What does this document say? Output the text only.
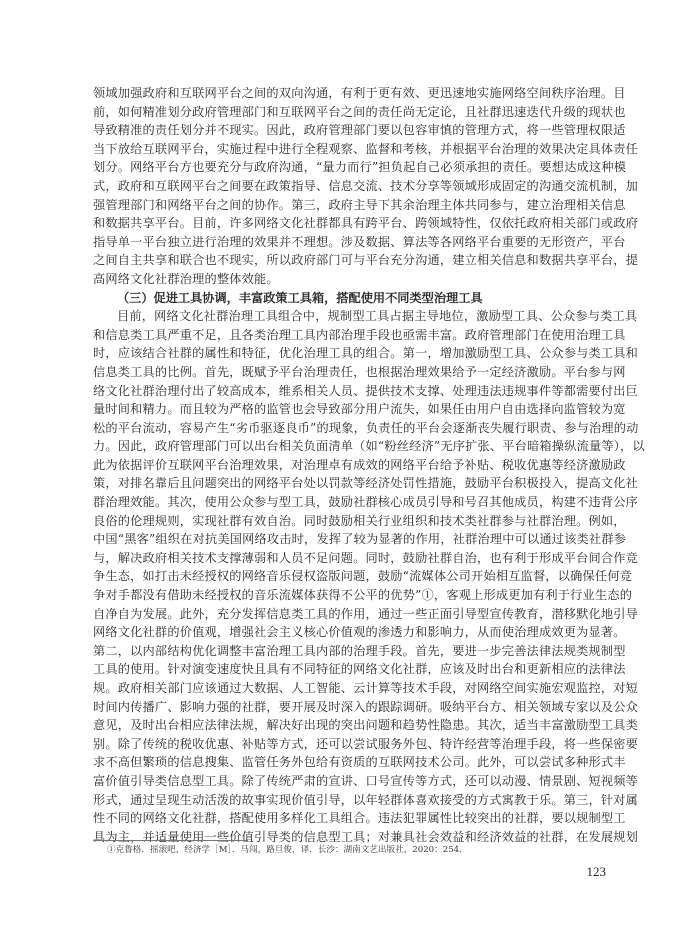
领域加强政府和互联网平台之间的双向沟通，有利于更有效、更迅速地实施网络空间秩序治理。目
前，如何精准划分政府管理部门和互联网平台之间的责任尚无定论，且社群迅速迭代升级的现状也
导致精准的责任划分并不现实。因此，政府管理部门要以包容审慎的管理方式，将一些管理权限适
当下放给互联网平台，实施过程中进行全程观察、监督和考核，并根据平台治理的效果决定具体责任
划分。网络平台方也要充分与政府沟通，“量力而行”担负起自己必须承担的责任。要想达成这种模
式，政府和互联网平台之间要在政策指导、信息交流、技术分享等领域形成固定的沟通交流机制，加
强管理部门和网络平台之间的协作。第三，政府主导下其余治理主体共同参与，建立治理相关信息
和数据共享平台。目前，许多网络文化社群都具有跨平台、跨领域特性，仅依托政府相关部门或政府
指导单一平台独立进行治理的效果并不理想。涉及数据、算法等各网络平台重要的无形资产，平台
之间自主共享和联合也不现实，所以政府部门可与平台充分沟通，建立相关信息和数据共享平台，提
高网络文化社群治理的整体效能。
（三）促进工具协调，丰富政策工具箱，搭配使用不同类型治理工具
目前，网络文化社群治理工具组合中，规制型工具占据主导地位，激励型工具、公众参与类工具
和信息类工具严重不足，且各类治理工具内部治理手段也亟需丰富。政府管理部门在使用治理工具
时，应该结合社群的属性和特征，优化治理工具的组合。第一，增加激励型工具、公众参与类工具和
信息类工具的比例。首先，既赋予平台治理责任，也根据治理效果给予一定经济激励。平台参与网
络文化社群治理付出了较高成本，维系相关人员、提供技术支撑、处理违法违规事件等都需要付出巨
量时间和精力。而且较为严格的监管也会导致部分用户流失，如果任由用户自由选择向监管较为宽
松的平台流动，容易产生“劣币驱逐良币”的现象，负责任的平台会逐渐丧失履行职责、参与治理的动
力。因此，政府管理部门可以出台相关负面清单（如“粉丝经济”无序扩张、平台暗箱操纵流量等），以
此为依据评价互联网平台治理效果，对治理卓有成效的网络平台给予补贴、税收优惠等经济激励政
策，对排名靠后且问题突出的网络平台处以罚款等经济处罚性措施，鼓励平台积极投入，提高文化社
群治理效能。其次，使用公众参与型工具，鼓励社群核心成员引导和号召其他成员，构建不违背公序
良俗的伦理规则，实现社群有效自治。同时鼓励相关行业组织和技术类社群参与社群治理。例如，
中国“黑客”组织在对抗美国网络攻击时，发挥了较为显著的作用，社群治理中可以通过该类社群参
与，解决政府相关技术支撑薄弱和人员不足问题。同时，鼓励社群自治，也有利于形成平台间合作竞
争生态，如打击未经授权的网络音乐侵权盗版问题，鼓励“流媒体公司开始相互监督，以确保任何竞
争对手都没有借助未经授权的音乐流媒体获得不公平的优势”①，客观上形成更加有利于行业生态的
自净自为发展。此外，充分发挥信息类工具的作用，通过一些正面引导型宣传教育，潜移默化地引导
网络文化社群的价值观，增强社会主义核心价值观的渗透力和影响力，从而使治理成效更为显著。
第二，以内部结构优化调整丰富治理工具内部的治理手段。首先，要进一步完善法律法规类规制型
工具的使用。针对演变速度快且具有不同特征的网络文化社群，应该及时出台和更新相应的法律法
规。政府相关部门应该通过大数据、人工智能、云计算等技术手段，对网络空间实施宏观监控，对短
时间内传播广、影响力强的社群，要开展及时深入的跟踪调研。吸纳平台方、相关领域专家以及公众
意见，及时出台相应法律法规，解决好出现的突出问题和趋势性隐患。其次，适当丰富激励型工具类
别。除了传统的税收优惠、补贴等方式，还可以尝试服务外包、特许经营等治理手段，将一些保密要
求不高但繁琐的信息搜集、监管任务外包给有资质的互联网技术公司。此外，可以尝试多种形式丰
富价值引导类信息型工具。除了传统严肃的宣讲、口号宣传等方式，还可以动漫、情景剧、短视频等
形式，通过呈现生动活泼的故事实现价值引导，以年轻群体喜欢接受的方式寓教于乐。第三，针对属
性不同的网络文化社群，搭配使用多样化工具组合。违法犯罪属性比较突出的社群，要以规制型工
具为主，并适量使用一些价值引导类的信息型工具；对兼具社会效益和经济效益的社群，在发展规划
①克鲁格．摇滚吧，经济学［M］．马闯，路旦俊，译．长沙：湖南文艺出版社，2020：254．
123
